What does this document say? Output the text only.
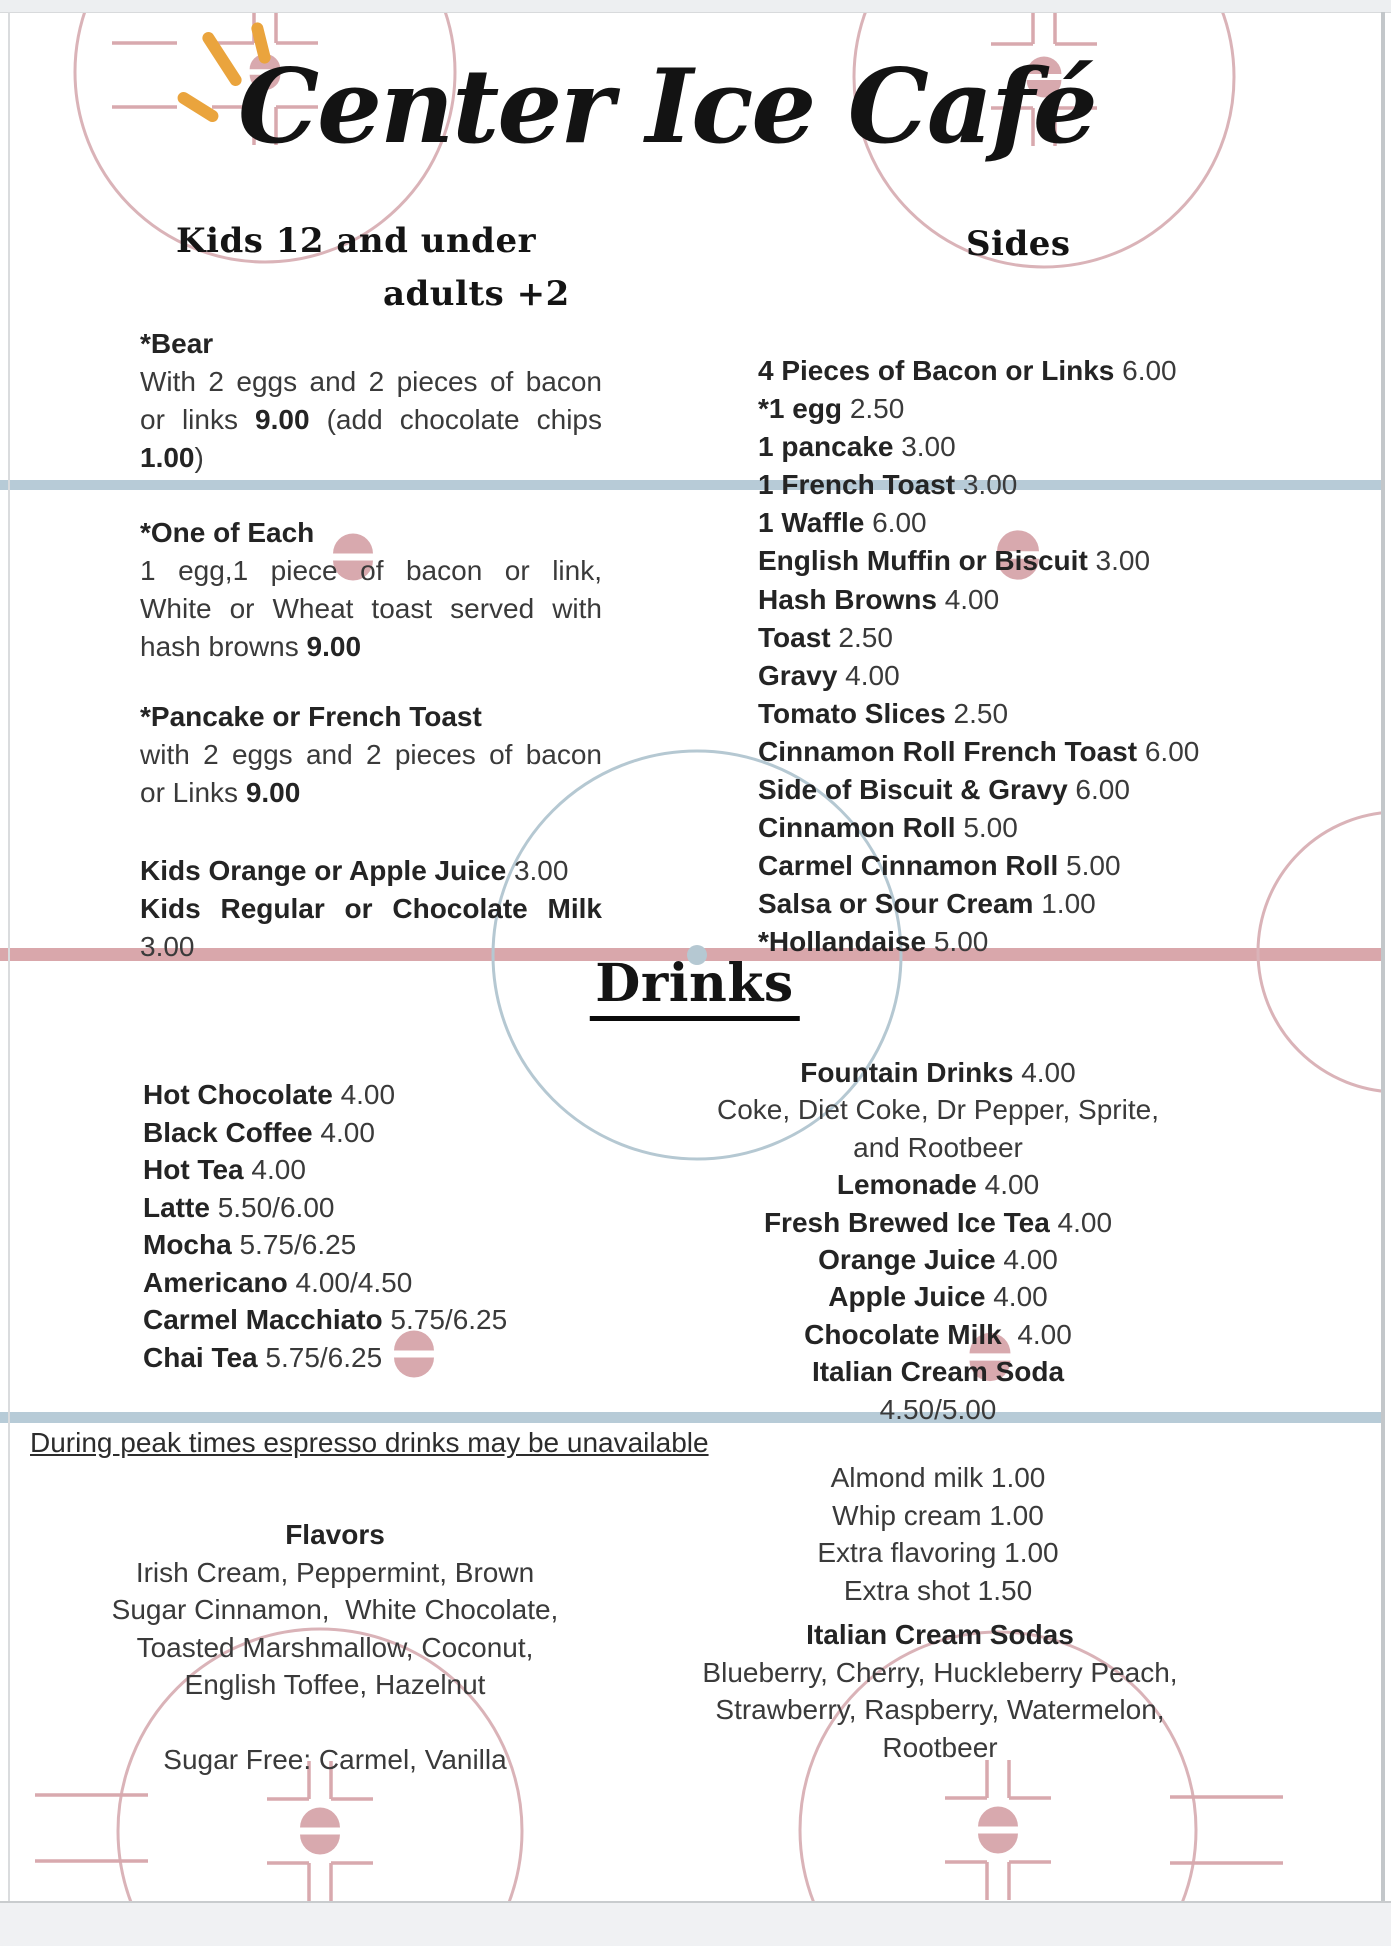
Center Ice Café
Kids 12 and under
adults +2
Sides
Drinks
*Bear
With 2 eggs and 2 pieces of bacon
or links 9.00 (add chocolate chips
1.00)
*One of Each
1 egg,1 piece of bacon or link,
White or Wheat toast served with
hash browns 9.00
*Pancake or French Toast
with 2 eggs and 2 pieces of bacon
or Links 9.00
Kids Orange or Apple Juice 3.00
Kids Regular or Chocolate Milk
3.00
4 Pieces of Bacon or Links 6.00
*1 egg 2.50
1 pancake 3.00
1 French Toast 3.00
1 Waffle 6.00
English Muffin or Biscuit 3.00
Hash Browns 4.00
Toast 2.50
Gravy 4.00
Tomato Slices 2.50
Cinnamon Roll French Toast 6.00
Side of Biscuit & Gravy 6.00
Cinnamon Roll 5.00
Carmel Cinnamon Roll 5.00
Salsa or Sour Cream 1.00
*Hollandaise 5.00
Hot Chocolate 4.00
Black Coffee 4.00
Hot Tea 4.00
Latte 5.50/6.00
Mocha 5.75/6.25
Americano 4.00/4.50
Carmel Macchiato 5.75/6.25
Chai Tea 5.75/6.25
Fountain Drinks 4.00
Coke, Diet Coke, Dr Pepper, Sprite,
and Rootbeer
Lemonade 4.00
Fresh Brewed Ice Tea 4.00
Orange Juice 4.00
Apple Juice 4.00
Chocolate Milk  4.00
Italian Cream Soda
4.50/5.00
Almond milk 1.00
Whip cream 1.00
Extra flavoring 1.00
Extra shot 1.50
Italian Cream Sodas
Blueberry, Cherry, Huckleberry Peach,
Strawberry, Raspberry, Watermelon,
Rootbeer
During peak times espresso drinks may be unavailable
Flavors
Irish Cream, Peppermint, Brown
Sugar Cinnamon,  White Chocolate,
Toasted Marshmallow, Coconut,
English Toffee, Hazelnut
Sugar Free: Carmel, Vanilla
